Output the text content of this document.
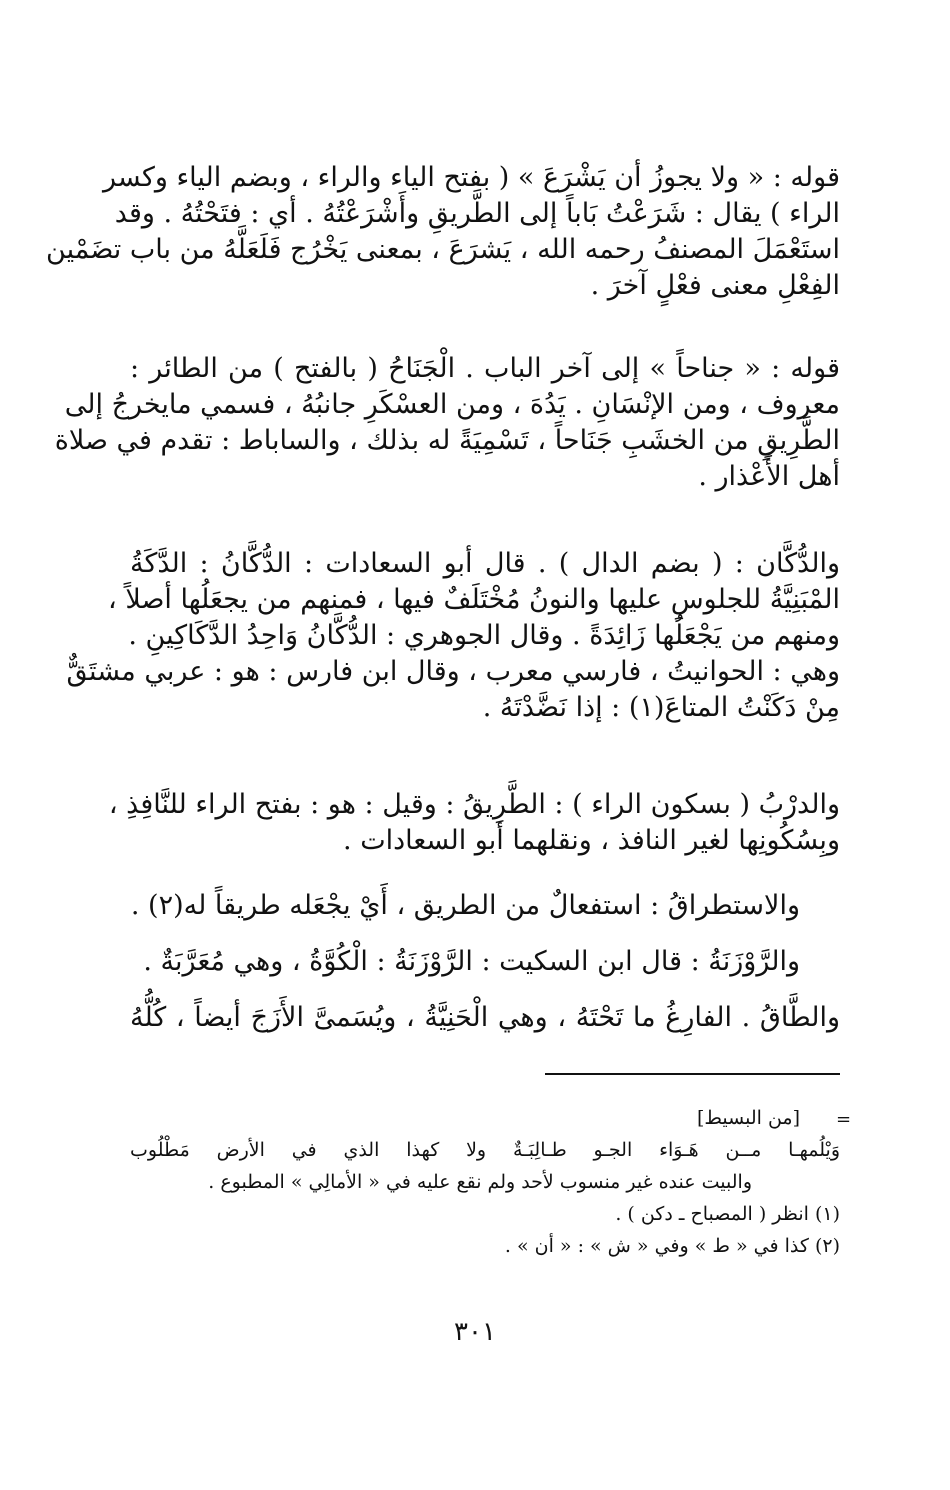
قوله : « ولا يجوزُ أن يَشْرَعَ » ( بفتح الياء والراء ، وبضم الياء وكسر
الراء ) يقال : شَرَعْتُ بَاباً إلى الطَّريقِ وأَشْرَعْتُهُ . أي : فتَحْتُهُ . وقد
استَعْمَلَ المصنفُ رحمه الله ، يَشرَعَ ، بمعنى يَخْرُج فَلَعَلَّهُ من باب تضَمْين
الفِعْلِ معنى فعْلٍ آخرَ .
قوله : « جناحاً » إلى آخر الباب . الْجَنَاحُ ( بالفتح ) من الطائر :
معروف ، ومن الإنْسَانِ . يَدُهَ ، ومن العسْكَرِ جانبُهُ ، فسمي مايخرجُ إلى
الطَّرِيقِ من الخشَبِ جَنَاحاً ، تَسْمِيَةً له بذلك ، والساباط : تقدم في صلاة
أهل الأَعْذار .
والدُّكَّان : ( بضم الدال ) . قال أبو السعادات : الدُّكَّانُ : الدَّكَةُ
المْبَنِيَّةُ للجلوسِ عليها والنونُ مُخْتَلَفٌ فيها ، فمنهم من يجعَلُها أصلاً ،
ومنهم من يَجْعَلُها زَائِدَةً . وقال الجوهري : الدُّكَّانُ وَاحِدُ الدَّكَاكِينِ .
وهي : الحوانيتُ ، فارسي معرب ، وقال ابن فارس : هو : عربي مشتَقٌّ
مِنْ دَكَنْتُ المتاعَ(١) : إذا نَضَّدْتَهُ .
والدرْبُ ( بسكون الراء ) : الطَّرِيقُ : وقيل : هو : بفتح الراء للنَّافِذِ ،
وبِسُكُونِها لغير النافذ ، ونقلهما أبو السعادات .
والاستطراقُ : استفعالٌ من الطريق ، أَيْ يجْعَله طريقاً له(٢) .
والرَّوْزَنَةُ : قال ابن السكيت : الرَّوْزَنَةُ : الْكُوَّةُ ، وهي مُعَرَّبَةٌ .
والطَّاقُ . الفارِغُ ما تَحْتَهُ ، وهي الْحَنِيَّةُ ، ويُسَمىَّ الأَزَجَ أيضاً ، كُلُّهُ
=
[من البسيط]
وَيْلُمهـا مــن هَـوَاء الجـو طـالِبَـةٌ ولا كهذا الذي في الأرض مَطْلُوب
والبيت عنده غير منسوب لأحد ولم نقع عليه في « الأمالِي » المطبوع .
(١) انظر ( المصباح ـ دكن ) .
(٢) كذا في « ط » وفي « ش » : « أن » .
٣٠١
